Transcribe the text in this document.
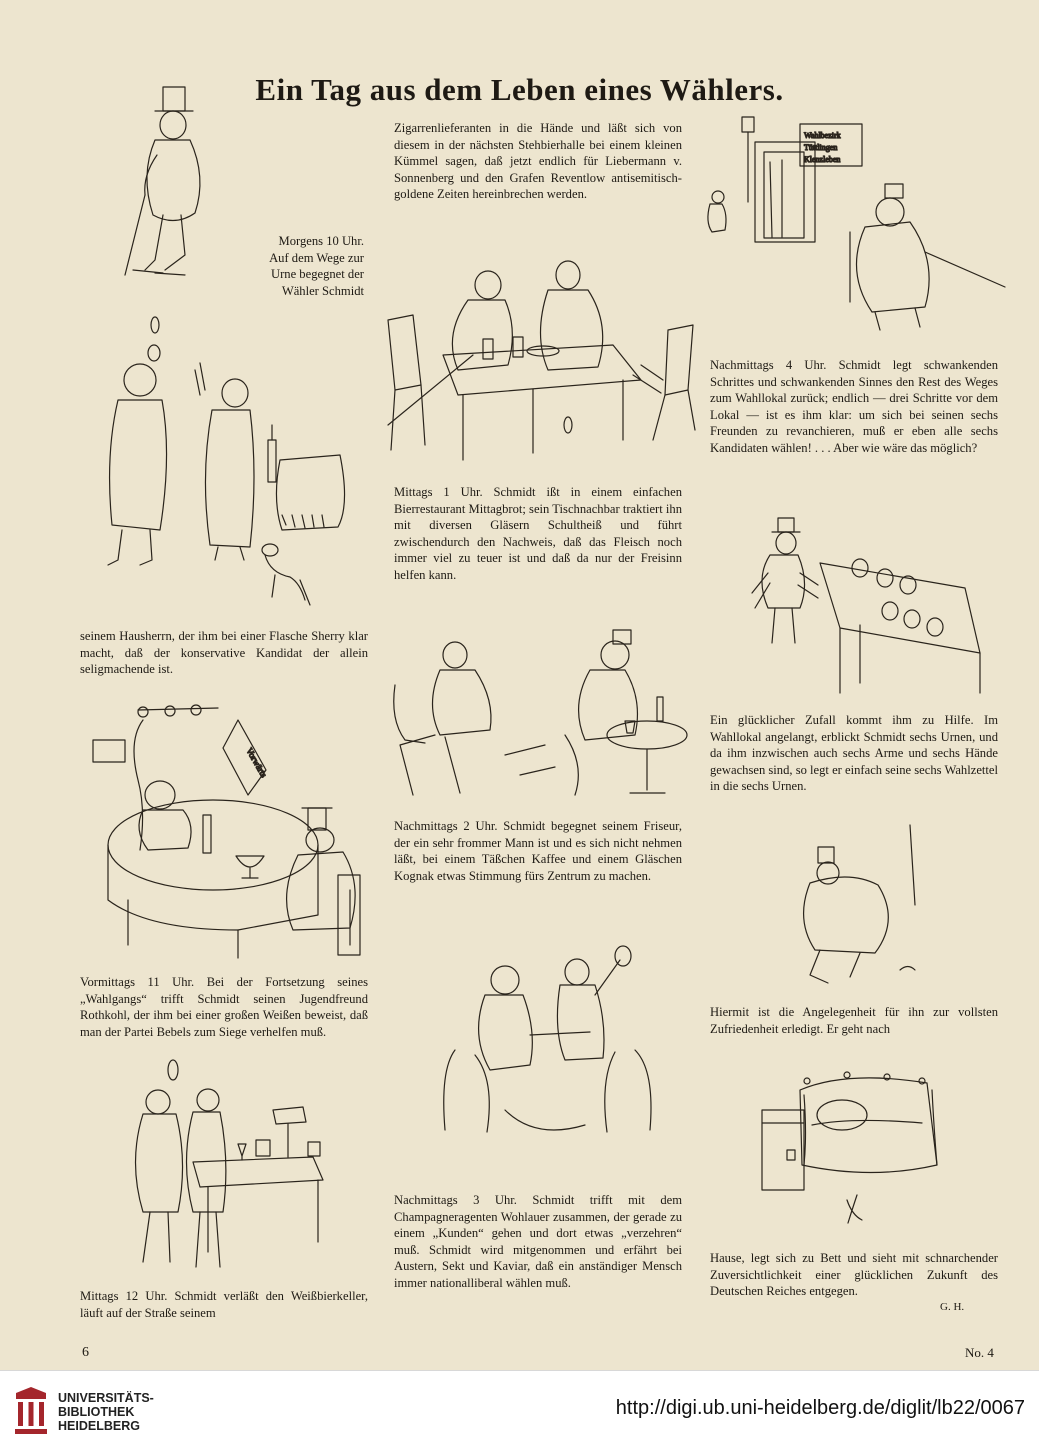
Ein Tag aus dem Leben eines Wählers.
Morgens 10 Uhr.
Auf dem Wege zur
Urne begegnet der
Wähler Schmidt
seinem Hausherrn, der ihm bei einer Flasche Sherry klar macht, daß der konservative Kandidat der allein seligmachende ist.
Vorwärts
Vormittags 11 Uhr. Bei der Fortsetzung seines „Wahlgangs“ trifft Schmidt seinen Jugendfreund Rothkohl, der ihm bei einer großen Weißen beweist, daß man der Partei Bebels zum Siege verhelfen muß.
Mittags 12 Uhr. Schmidt verläßt den Weißbierkeller, läuft auf der Straße seinem
Zigarrenlieferanten in die Hände und läßt sich von diesem in der nächsten Stehbierhalle bei einem kleinen Kümmel sagen, daß jetzt endlich für Liebermann v. Sonnenberg und den Grafen Reventlow antisemitisch-goldene Zeiten hereinbrechen werden.
Mittags 1 Uhr. Schmidt ißt in einem einfachen Bierrestaurant Mittagbrot; sein Tischnachbar traktiert ihn mit diversen Gläsern Schultheiß und führt zwischendurch den Nachweis, daß das Fleisch noch immer viel zu teuer ist und daß da nur der Freisinn helfen kann.
Nachmittags 2 Uhr. Schmidt begegnet seinem Friseur, der ein sehr frommer Mann ist und es sich nicht nehmen läßt, bei einem Täßchen Kaffee und einem Gläschen Kognak etwas Stimmung fürs Zentrum zu machen.
Nachmittags 3 Uhr. Schmidt trifft mit dem Champagneragenten Wohlauer zusammen, der gerade zu einem „Kunden“ gehen und dort etwas „verzehren“ muß. Schmidt wird mitgenommen und erfährt bei Austern, Sekt und Kaviar, daß ein anständiger Mensch immer nationalliberal wählen muß.
Wahlbezirk
Tüttlingen
Klenzleben
Nachmittags 4 Uhr. Schmidt legt schwankenden Schrittes und schwankenden Sinnes den Rest des Weges zum Wahllokal zurück; endlich — drei Schritte vor dem Lokal — ist es ihm klar: um sich bei seinen sechs Freunden zu revanchieren, muß er eben alle sechs Kandidaten wählen! . . . Aber wie wäre das möglich?
Ein glücklicher Zufall kommt ihm zu Hilfe. Im Wahllokal angelangt, erblickt Schmidt sechs Urnen, und da ihm inzwischen auch sechs Arme und sechs Hände gewachsen sind, so legt er einfach seine sechs Wahlzettel in die sechs Urnen.
Hiermit ist die Angelegenheit für ihn zur vollsten Zufriedenheit erledigt. Er geht nach
Hause, legt sich zu Bett und sieht mit schnarchender Zuversichtlichkeit einer glücklichen Zukunft des Deutschen Reiches entgegen.
G. H.
6	No. 4
UNIVERSITÄTS-
BIBLIOTHEK
HEIDELBERG
http://digi.ub.uni-heidelberg.de/diglit/lb22/0067
